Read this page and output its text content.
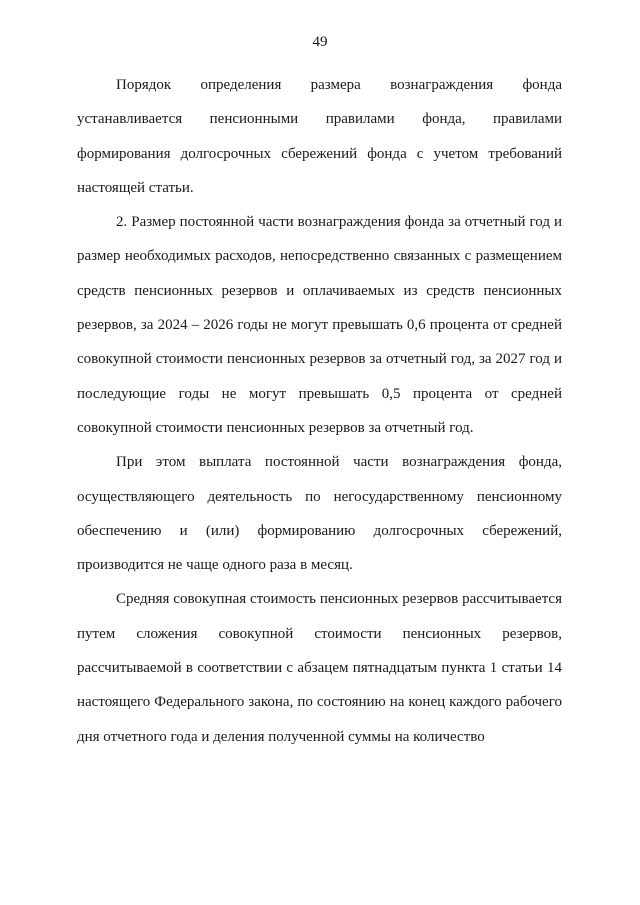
49

Порядок определения размера вознаграждения фонда устанавливается пенсионными правилами фонда, правилами формирования долгосрочных сбережений фонда с учетом требований настоящей статьи.

2. Размер постоянной части вознаграждения фонда за отчетный год и размер необходимых расходов, непосредственно связанных с размещением средств пенсионных резервов и оплачиваемых из средств пенсионных резервов, за 2024 – 2026 годы не могут превышать 0,6 процента от средней совокупной стоимости пенсионных резервов за отчетный год, за 2027 год и последующие годы не могут превышать 0,5 процента от средней совокупной стоимости пенсионных резервов за отчетный год.

При этом выплата постоянной части вознаграждения фонда, осуществляющего деятельность по негосударственному пенсионному обеспечению и (или) формированию долгосрочных сбережений, производится не чаще одного раза в месяц.

Средняя совокупная стоимость пенсионных резервов рассчитывается путем сложения совокупной стоимости пенсионных резервов, рассчитываемой в соответствии с абзацем пятнадцатым пункта 1 статьи 14 настоящего Федерального закона, по состоянию на конец каждого рабочего дня отчетного года и деления полученной суммы на количество
